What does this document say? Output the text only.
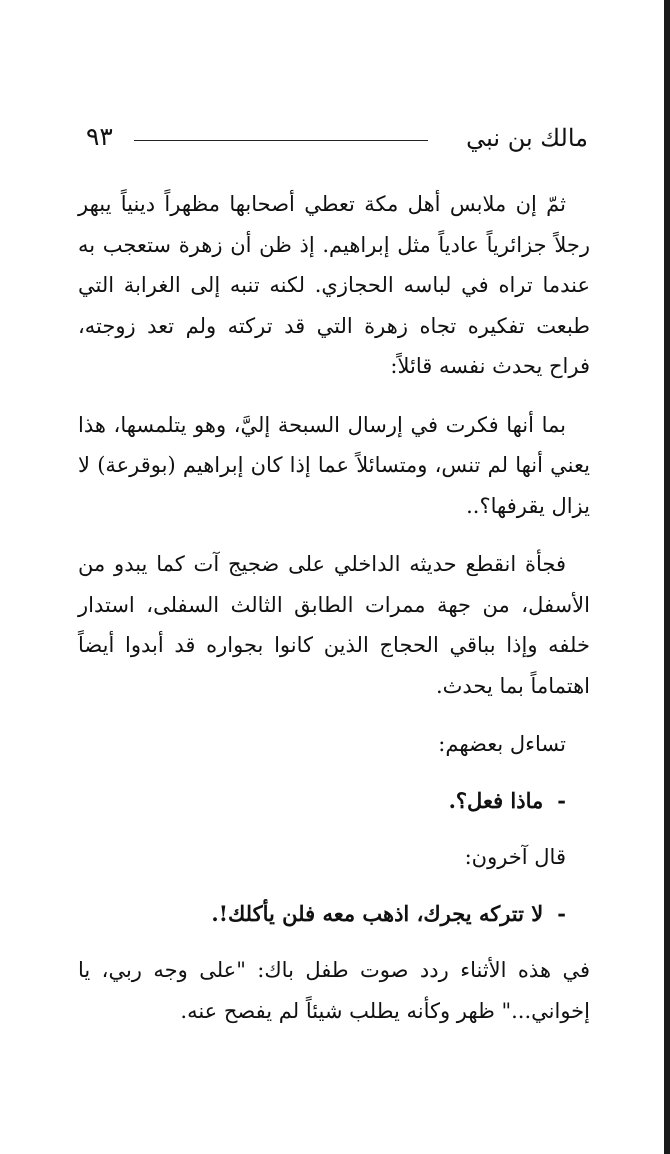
مالك بن نبي
٩٣

ثمّ إن ملابس أهل مكة تعطي أصحابها مظهراً دينياً يبهر رجلاً جزائرياً عادياً مثل إبراهيم. إذ ظن أن زهرة ستعجب به عندما تراه في لباسه الحجازي. لكنه تنبه إلى الغرابة التي طبعت تفكيره تجاه زهرة التي قد تركته ولم تعد زوجته، فراح يحدث نفسه قائلاً:

بما أنها فكرت في إرسال السبحة إليَّ، وهو يتلمسها، هذا يعني أنها لم تنس، ومتسائلاً عما إذا كان إبراهيم (بوقرعة) لا يزال يقرفها؟..

فجأة انقطع حديثه الداخلي على ضجيج آت كما يبدو من الأسفل، من جهة ممرات الطابق الثالث السفلى، استدار خلفه وإذا بباقي الحجاج الذين كانوا بجواره قد أبدوا أيضاً اهتماماً بما يحدث.

تساءل بعضهم:

-ماذا فعل؟.

قال آخرون:

-لا تتركه يجرك، اذهب معه فلن يأكلك!.

في هذه الأثناء ردد صوت طفل باك: "على وجه ربي، يا إخواني..." ظهر وكأنه يطلب شيئاً لم يفصح عنه.
